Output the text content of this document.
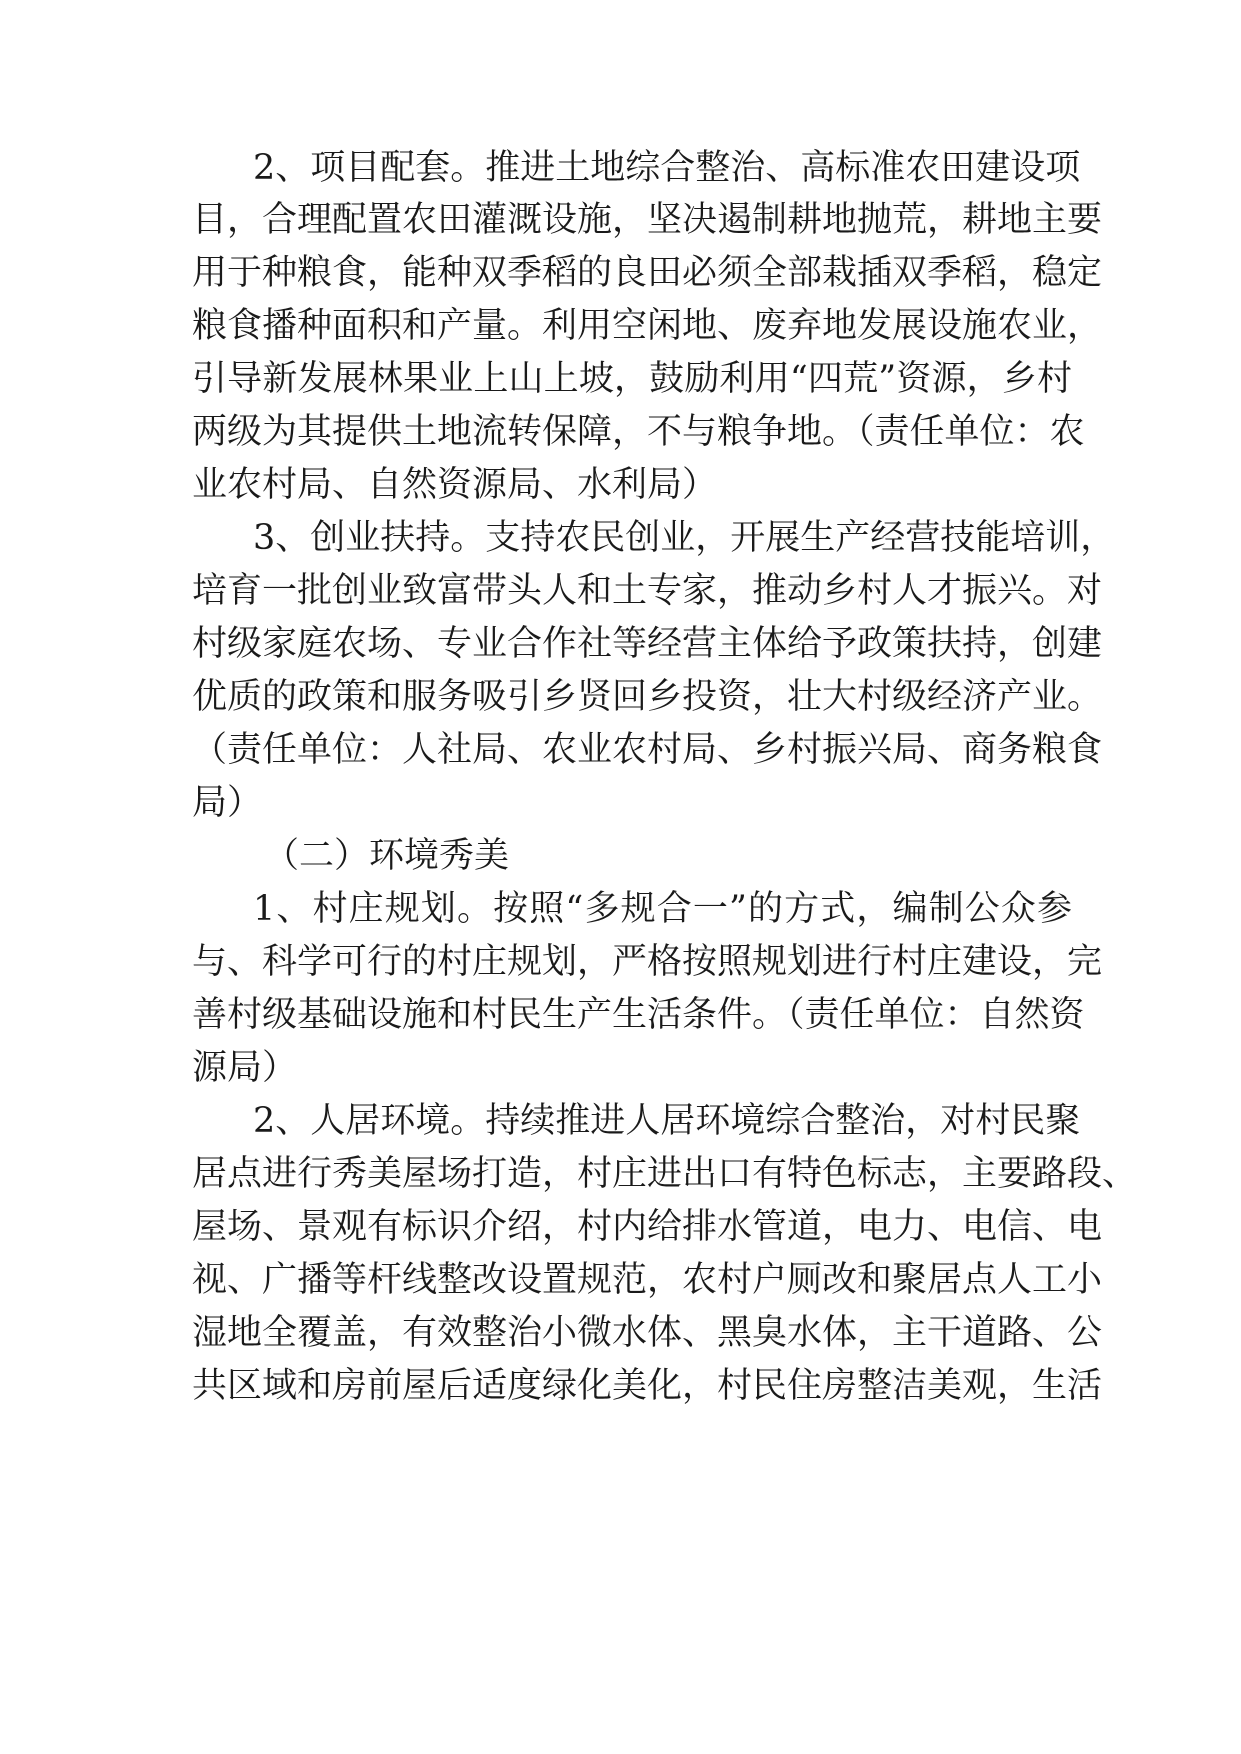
2、项目配套。推进土地综合整治、高标准农田建设项
目，合理配置农田灌溉设施，坚决遏制耕地抛荒，耕地主要
用于种粮食，能种双季稻的良田必须全部栽插双季稻，稳定
粮食播种面积和产量。利用空闲地、废弃地发展设施农业，
引导新发展林果业上山上坡，鼓励利用“四荒”资源，乡村
两级为其提供土地流转保障，不与粮争地。（责任单位：农
业农村局、自然资源局、水利局）
3、创业扶持。支持农民创业，开展生产经营技能培训，
培育一批创业致富带头人和土专家，推动乡村人才振兴。对
村级家庭农场、专业合作社等经营主体给予政策扶持，创建
优质的政策和服务吸引乡贤回乡投资，壮大村级经济产业。
（责任单位：人社局、农业农村局、乡村振兴局、商务粮食
局）
（二）环境秀美
1、村庄规划。按照“多规合一”的方式，编制公众参
与、科学可行的村庄规划，严格按照规划进行村庄建设，完
善村级基础设施和村民生产生活条件。（责任单位：自然资
源局）
2、人居环境。持续推进人居环境综合整治，对村民聚
居点进行秀美屋场打造，村庄进出口有特色标志，主要路段、
屋场、景观有标识介绍，村内给排水管道，电力、电信、电
视、广播等杆线整改设置规范，农村户厕改和聚居点人工小
湿地全覆盖，有效整治小微水体、黑臭水体，主干道路、公
共区域和房前屋后适度绿化美化，村民住房整洁美观，生活
